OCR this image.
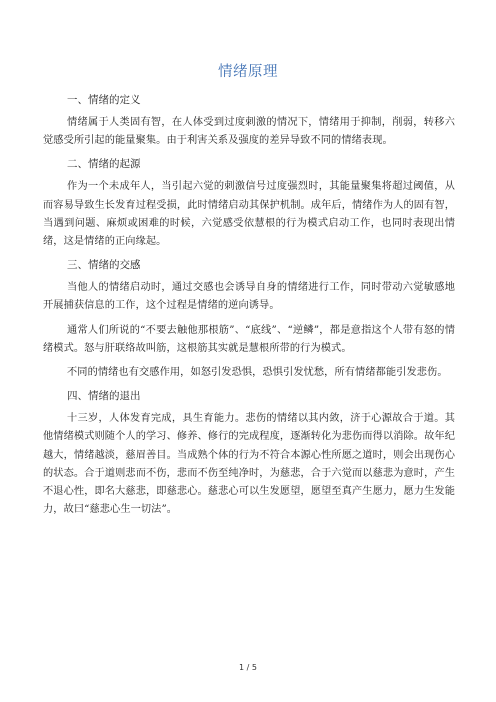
情绪原理
一、情绪的定义

情绪属于人类固有智，在人体受到过度刺激的情况下，情绪用于抑制，削弱，转移六觉感受所引起的能量聚集。由于利害关系及强度的差异导致不同的情绪表现。

二、情绪的起源

作为一个未成年人，当引起六觉的刺激信号过度强烈时，其能量聚集将超过阈值，从而容易导致生长发育过程受损，此时情绪启动其保护机制。成年后，情绪作为人的固有智，当遇到问题、麻烦或困难的时候，六觉感受依慧根的行为模式启动工作，也同时表现出情绪，这是情绪的正向缘起。

三、情绪的交感

当他人的情绪启动时，通过交感也会诱导自身的情绪进行工作，同时带动六觉敏感地开展捕获信息的工作，这个过程是情绪的逆向诱导。

通常人们所说的“不要去触他那根筋”、“底线”、“逆鳞”，都是意指这个人带有怒的情绪模式。怒与肝联络故叫筋，这根筋其实就是慧根所带的行为模式。

不同的情绪也有交感作用，如怒引发恐惧，恐惧引发忧愁，所有情绪都能引发悲伤。

四、情绪的退出

十三岁，人体发育完成，具生育能力。悲伤的情绪以其内敛，济于心源故合于道。其他情绪模式则随个人的学习、修养、修行的完成程度，逐渐转化为悲伤而得以消除。故年纪越大，情绪越淡，慈眉善目。当成熟个体的行为不符合本源心性所愿之道时，则会出现伤心的状态。合于道则悲而不伤，悲而不伤至纯净时，为慈悲，合于六觉而以慈悲为意时，产生不退心性，即名大慈悲，即慈悲心。慈悲心可以生发愿望，愿望至真产生愿力，愿力生发能力，故曰“慈悲心生一切法”。

1 / 5
